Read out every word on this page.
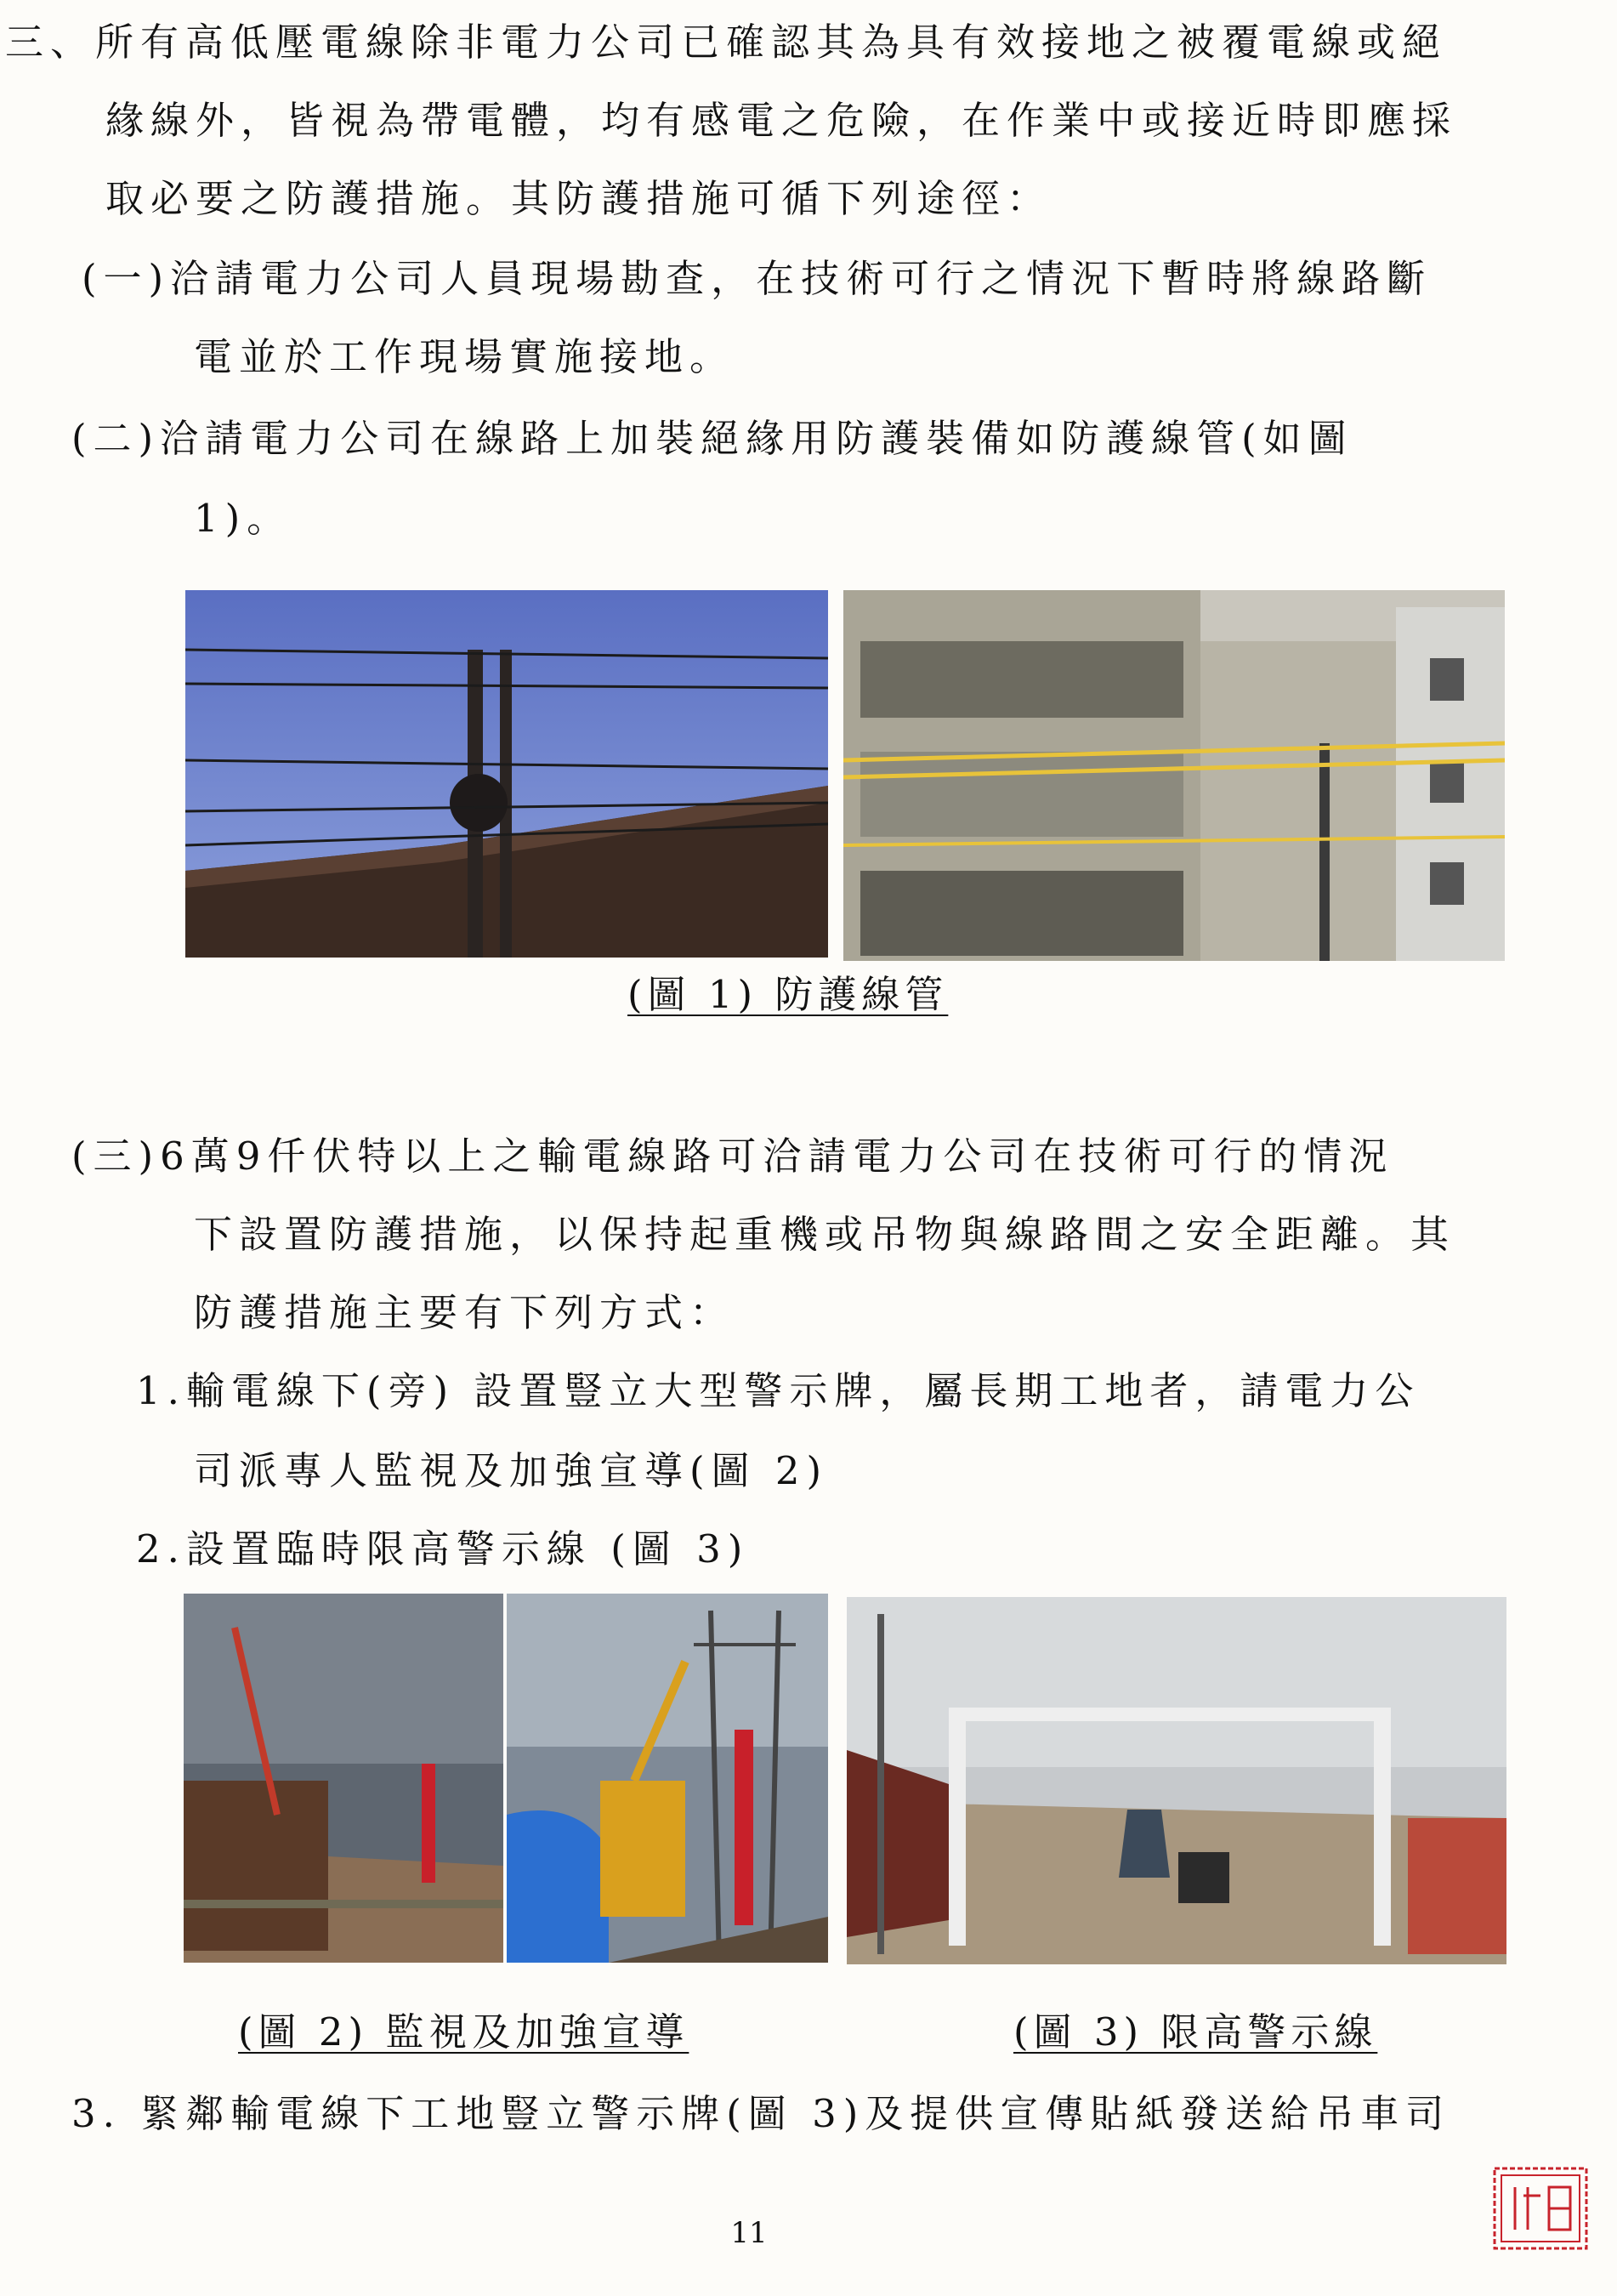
三、所有高低壓電線除非電力公司已確認其為具有效接地之被覆電線或絕
緣線外，皆視為帶電體，均有感電之危險，在作業中或接近時即應採
取必要之防護措施。其防護措施可循下列途徑：
(一)洽請電力公司人員現場勘查，在技術可行之情況下暫時將線路斷
電並於工作現場實施接地。
(二)洽請電力公司在線路上加裝絕緣用防護裝備如防護線管(如圖
1)。
(圖 1) 防護線管
(三)6萬9仟伏特以上之輸電線路可洽請電力公司在技術可行的情況
下設置防護措施，以保持起重機或吊物與線路間之安全距離。其
防護措施主要有下列方式：
1.輸電線下(旁) 設置豎立大型警示牌，屬長期工地者，請電力公
司派專人監視及加強宣導(圖 2)
2.設置臨時限高警示線 (圖 3)
(圖 2) 監視及加強宣導	(圖 3) 限高警示線
3. 緊鄰輸電線下工地豎立警示牌(圖 3)及提供宣傳貼紙發送給吊車司
11
